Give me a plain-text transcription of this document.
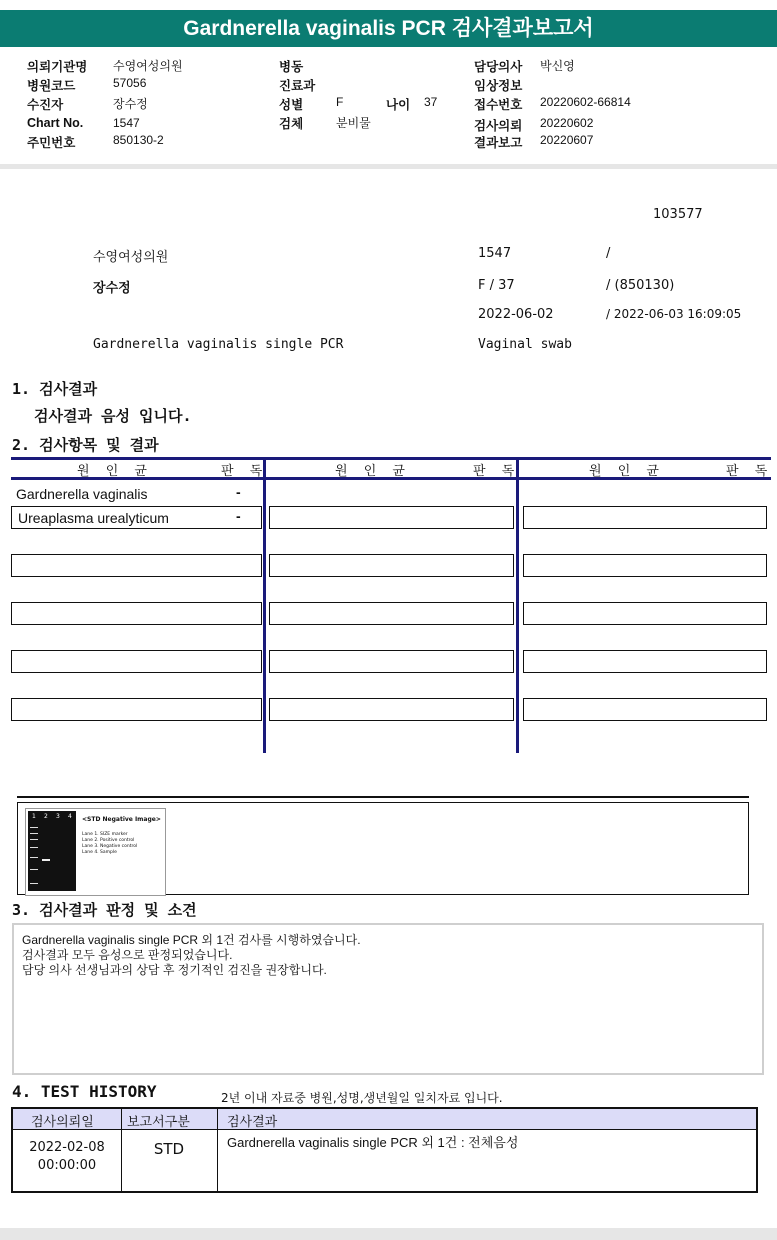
Gardnerella vaginalis PCR 검사결과보고서
의뢰기관명 수영여성의원
병원코드	57056
수진자	장수정
Chart No. 1547
주민번호	850130-2
병동
진료과
성별	F	나이 37
검체	분비물
담당의사 박신영
임상정보
접수번호 20220602-66814
검사의뢰 20220602
결과보고 20220607
103577
수영여성의원	1547	/
장수정	F / 37	/ (850130)
2022-06-02	/ 2022-06-03 16:09:05
Gardnerella vaginalis single PCR	Vaginal swab
1. 검사결과
검사결과 음성 입니다.
2. 검사항목 및 결과
원 인 균	판 독	원 인 균	판 독	원 인 균	판 독
Gardnerella vaginalis	-
Ureaplasma urealyticum	-
1 2 3 4 <STD Negative Image>
Lane 1. SIZE marker
Lane 2. Positive control
Lane 3. Negative control
Lane 4. Sample
3. 검사결과 판정 및 소견
Gardnerella vaginalis single PCR 외 1건 검사를 시행하였습니다.
검사결과 모두 음성으로 판정되었습니다.
담당 의사 선생님과의 상담 후 정기적인 검진을 권장합니다.
4. TEST HISTORY	2년 이내 자료중 병원,성명,생년월일 일치자료 입니다.
검사의뢰일	보고서구분	검사결과
2022-02-08
00:00:00
STD	Gardnerella vaginalis single PCR 외 1건 : 전체음성
